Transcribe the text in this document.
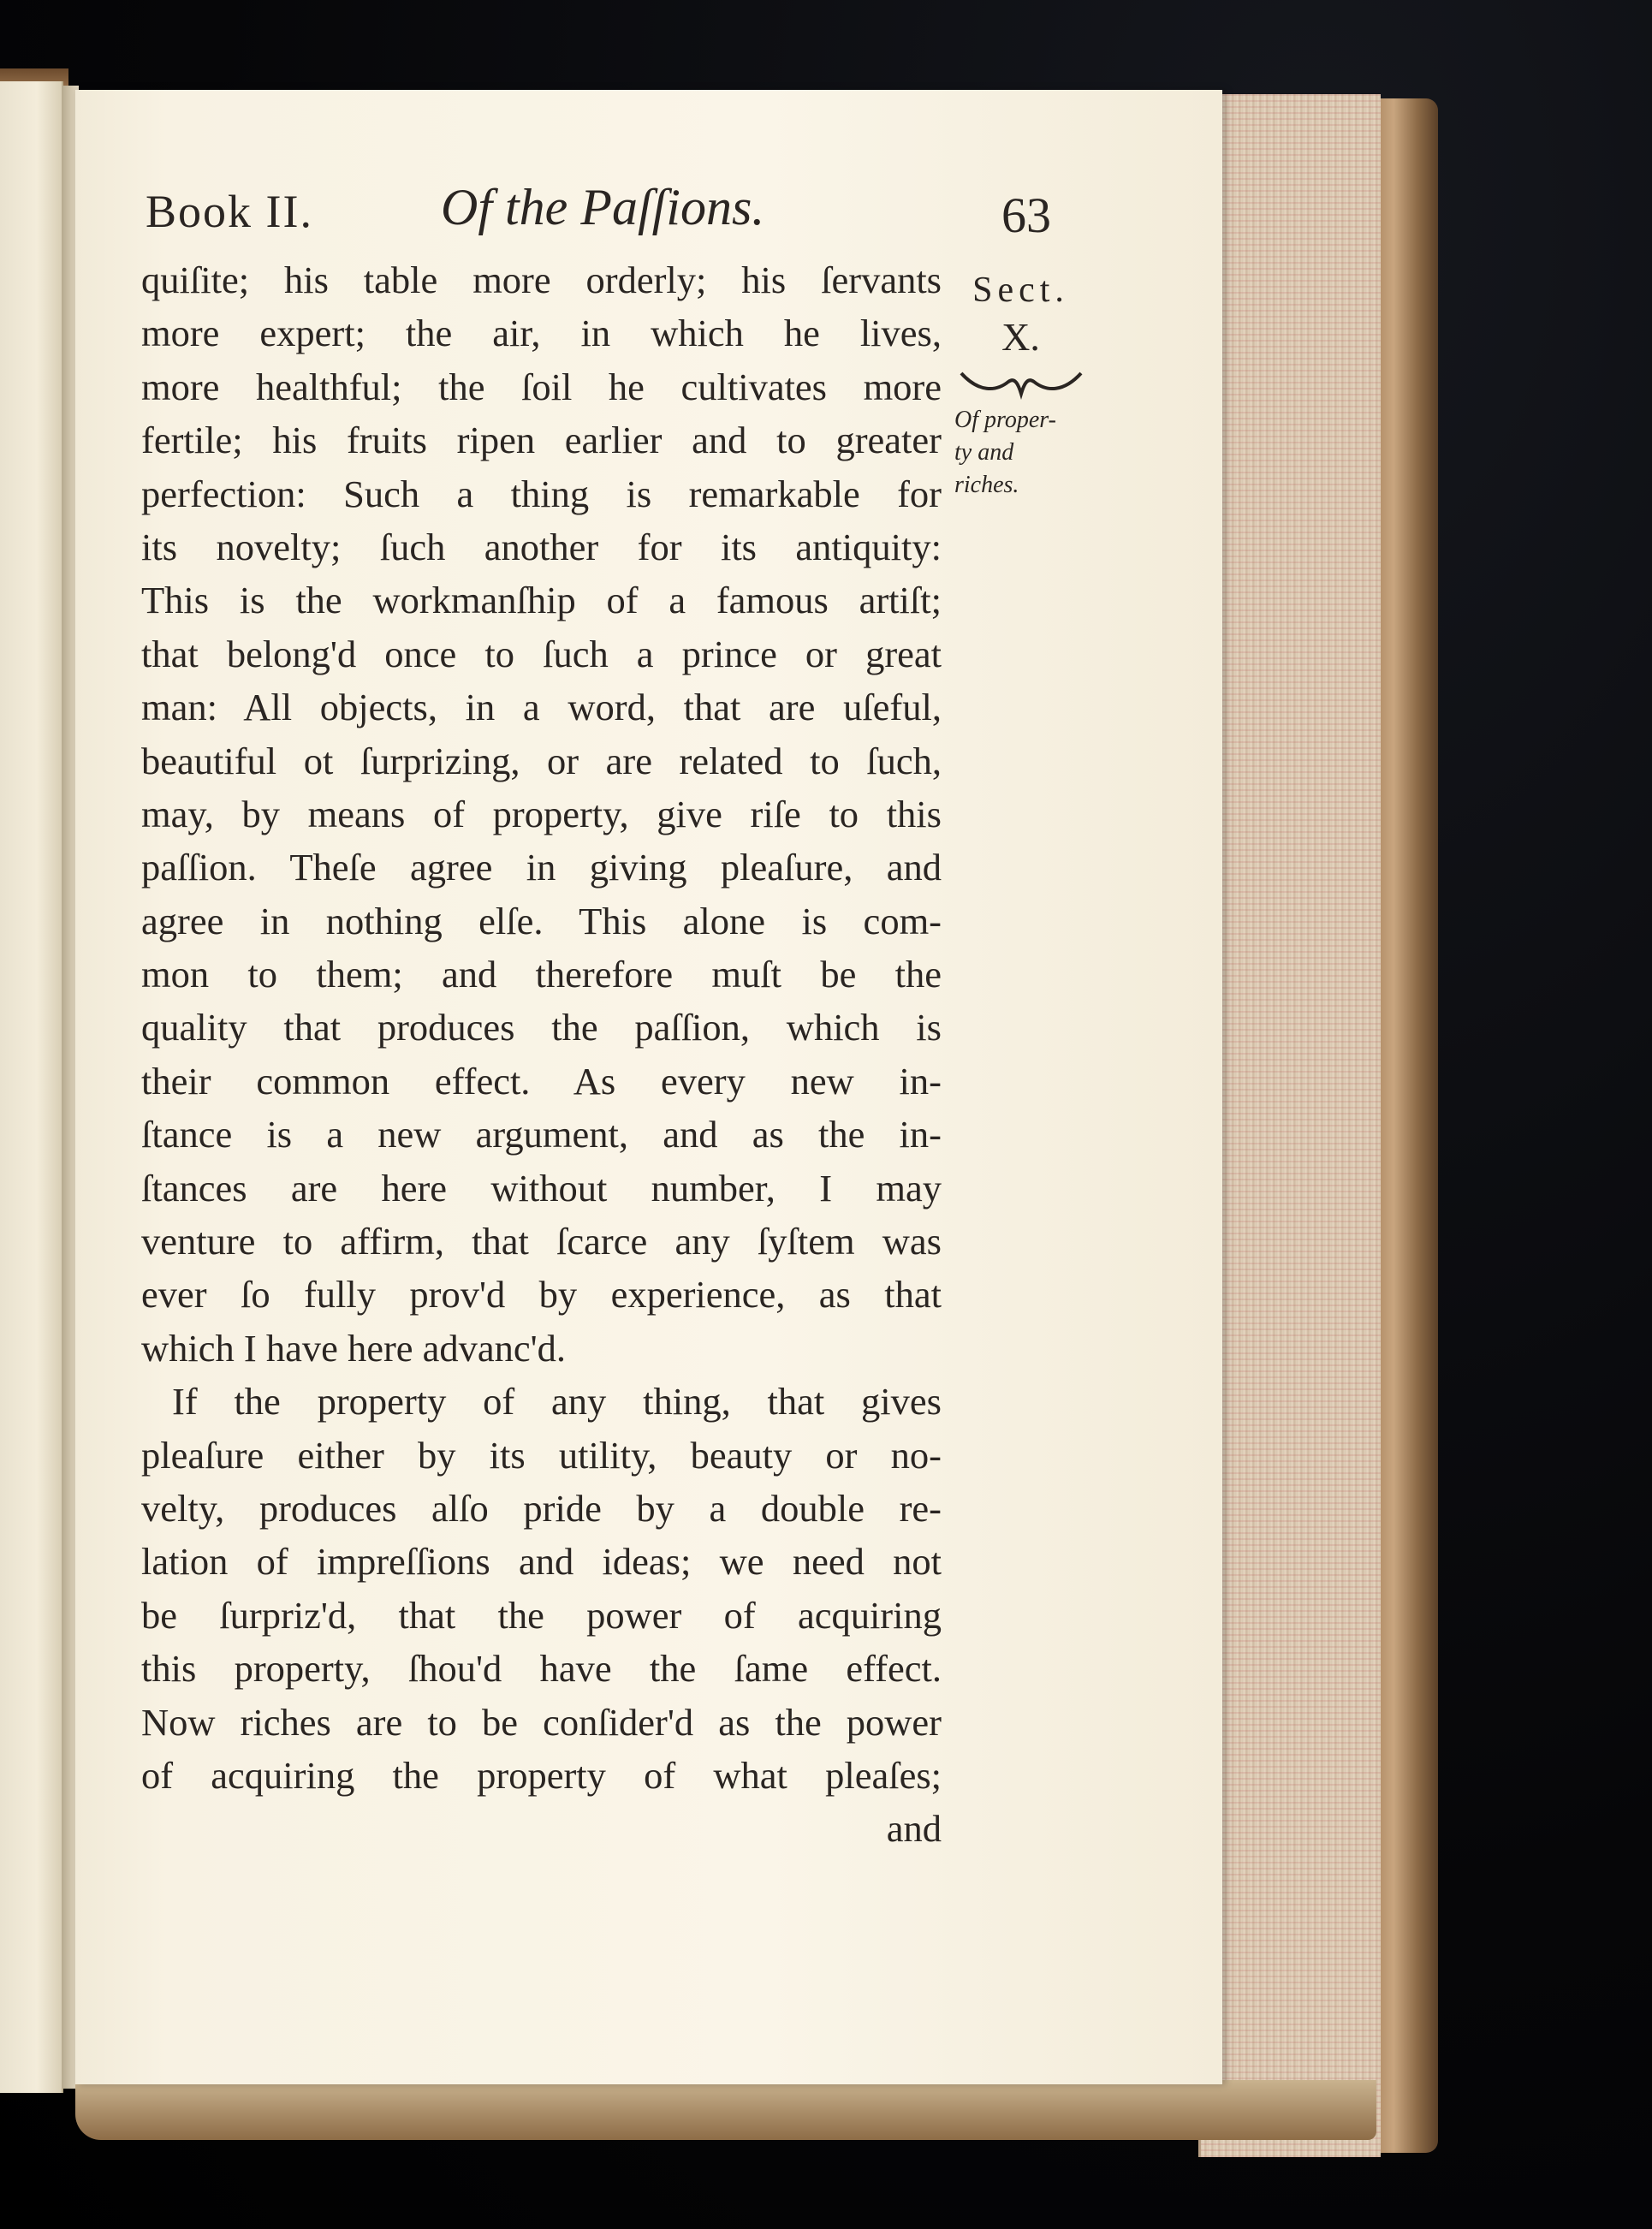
Book II. Of the Paſſions.	63
quiſite; his table more orderly; his ſervants
more expert; the air, in which he lives,
more healthful; the ſoil he cultivates more
fertile; his fruits ripen earlier and to greater
perfection: Such a thing is remarkable for
its novelty; ſuch another for its antiquity:
This is the workmanſhip of a famous artiſt;
that belong'd once to ſuch a prince or great
man: All objects, in a word, that are uſeful,
beautiful ot ſurprizing, or are related to ſuch,
may, by means of property, give riſe to this
paſſion. Theſe agree in giving pleaſure, and
agree in nothing elſe. This alone is com-
mon to them; and therefore muſt be the
quality that produces the paſſion, which is
their common effect. As every new in-
ſtance is a new argument, and as the in-
ſtances are here without number, I may
venture to affirm, that ſcarce any ſyſtem was
ever ſo fully prov'd by experience, as that
which I have here advanc'd.
If the property of any thing, that gives
pleaſure either by its utility, beauty or no-
velty, produces alſo pride by a double re-
lation of impreſſions and ideas; we need not
be ſurpriz'd, that the power of acquiring
this property, ſhou'd have the ſame effect.
Now riches are to be conſider'd as the power
of acquiring the property of what pleaſes;
and
Sect.
X.
Of proper-
ty and
riches.
